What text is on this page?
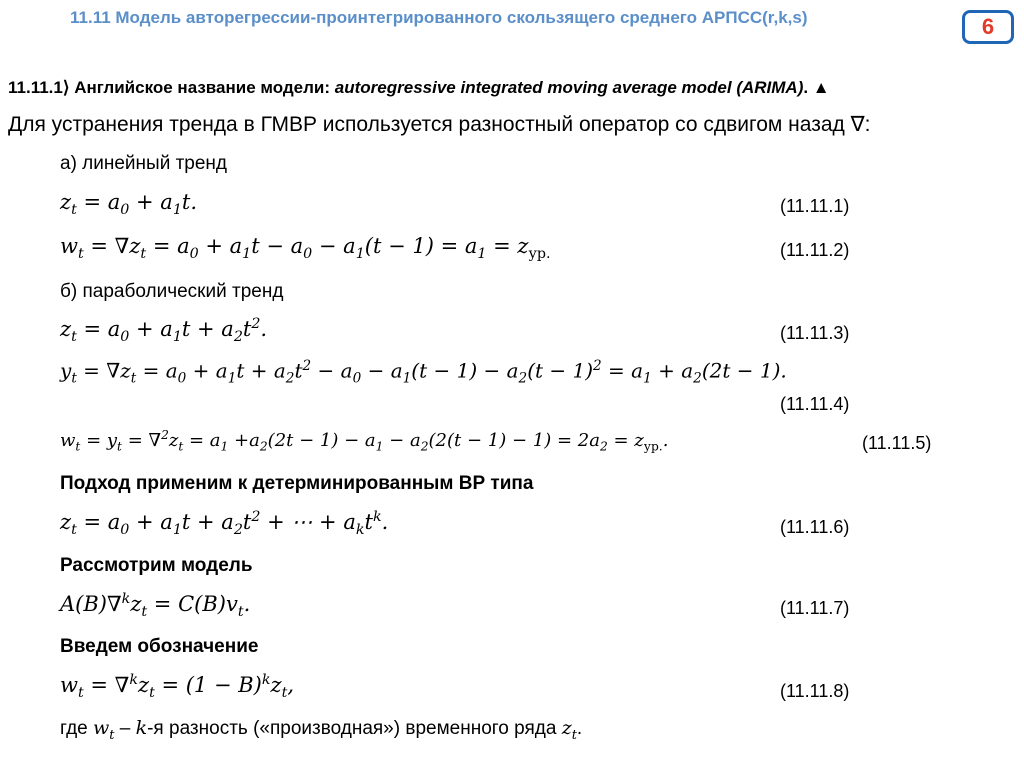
11.11 Модель авторегрессии-проинтегрированного скользящего среднего АРПСС(r,k,s)	6
11.11.1⟩ Английское название модели: autoregressive integrated moving average model (ARIMA). ▲
Для устранения тренда в ГМВР используется разностный оператор со сдвигом назад ∇:
а) линейный тренд
$z_t = a_0 + a_1t$.	(11.11.1)
$w_t = \nabla z_t = a_0 + a_1t - a_0 - a_1(t - 1) = a_1 = z_{ур.}$	(11.11.2)
б) параболический тренд
$z_t = a_0 + a_1t + a_2t^2$.	(11.11.3)
$y_t = \nabla z_t = a_0 + a_1t + a_2t^2 - a_0 - a_1(t - 1) - a_2(t - 1)^2 = a_1 + a_2(2t - 1)$.
(11.11.4)
$w_t = y_t = \nabla^2z_t = a_1 +a_2(2t - 1) - a_1 - a_2(2(t - 1) - 1) = 2a_2 = z_{ур.}$.	(11.11.5)
Подход применим к детерминированным ВР типа
$z_t = a_0 + a_1t + a_2t^2$ + ⋯ + $a_kt^k$.	(11.11.6)
Рассмотрим модель
$A(B)\nabla^kz_t = C(B)v_t$.	(11.11.7)
Введем обозначение
$w_t = \nabla^kz_t = (1 - B)^kz_t$,	(11.11.8)
где $w_t - k-я$ разность («производная») временного ряда $z_t$.
